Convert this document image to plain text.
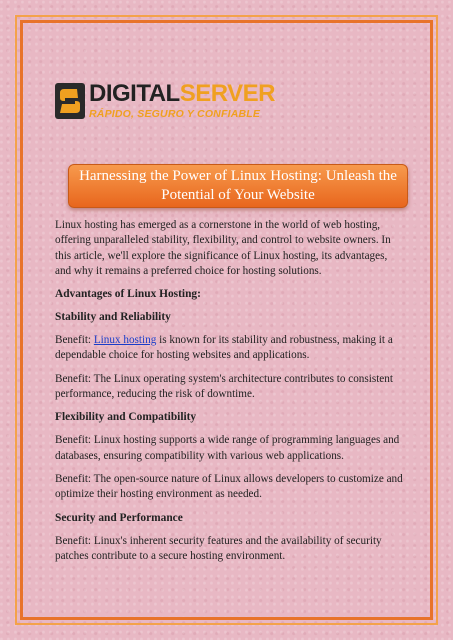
DIGITALSERVER
RÁPIDO, SEGURO Y CONFIABLE
Harnessing the Power of Linux Hosting: Unleash the Potential of Your Website

Linux hosting has emerged as a cornerstone in the world of web hosting, offering unparalleled stability, flexibility, and control to website owners. In this article, we'll explore the significance of Linux hosting, its advantages, and why it remains a preferred choice for hosting solutions.

Advantages of Linux Hosting:
Stability and Reliability

Benefit: Linux hosting is known for its stability and robustness, making it a dependable choice for hosting websites and applications.

Benefit: The Linux operating system's architecture contributes to consistent performance, reducing the risk of downtime.

Flexibility and Compatibility

Benefit: Linux hosting supports a wide range of programming languages and databases, ensuring compatibility with various web applications.

Benefit: The open-source nature of Linux allows developers to customize and optimize their hosting environment as needed.

Security and Performance

Benefit: Linux's inherent security features and the availability of security patches contribute to a secure hosting environment.
